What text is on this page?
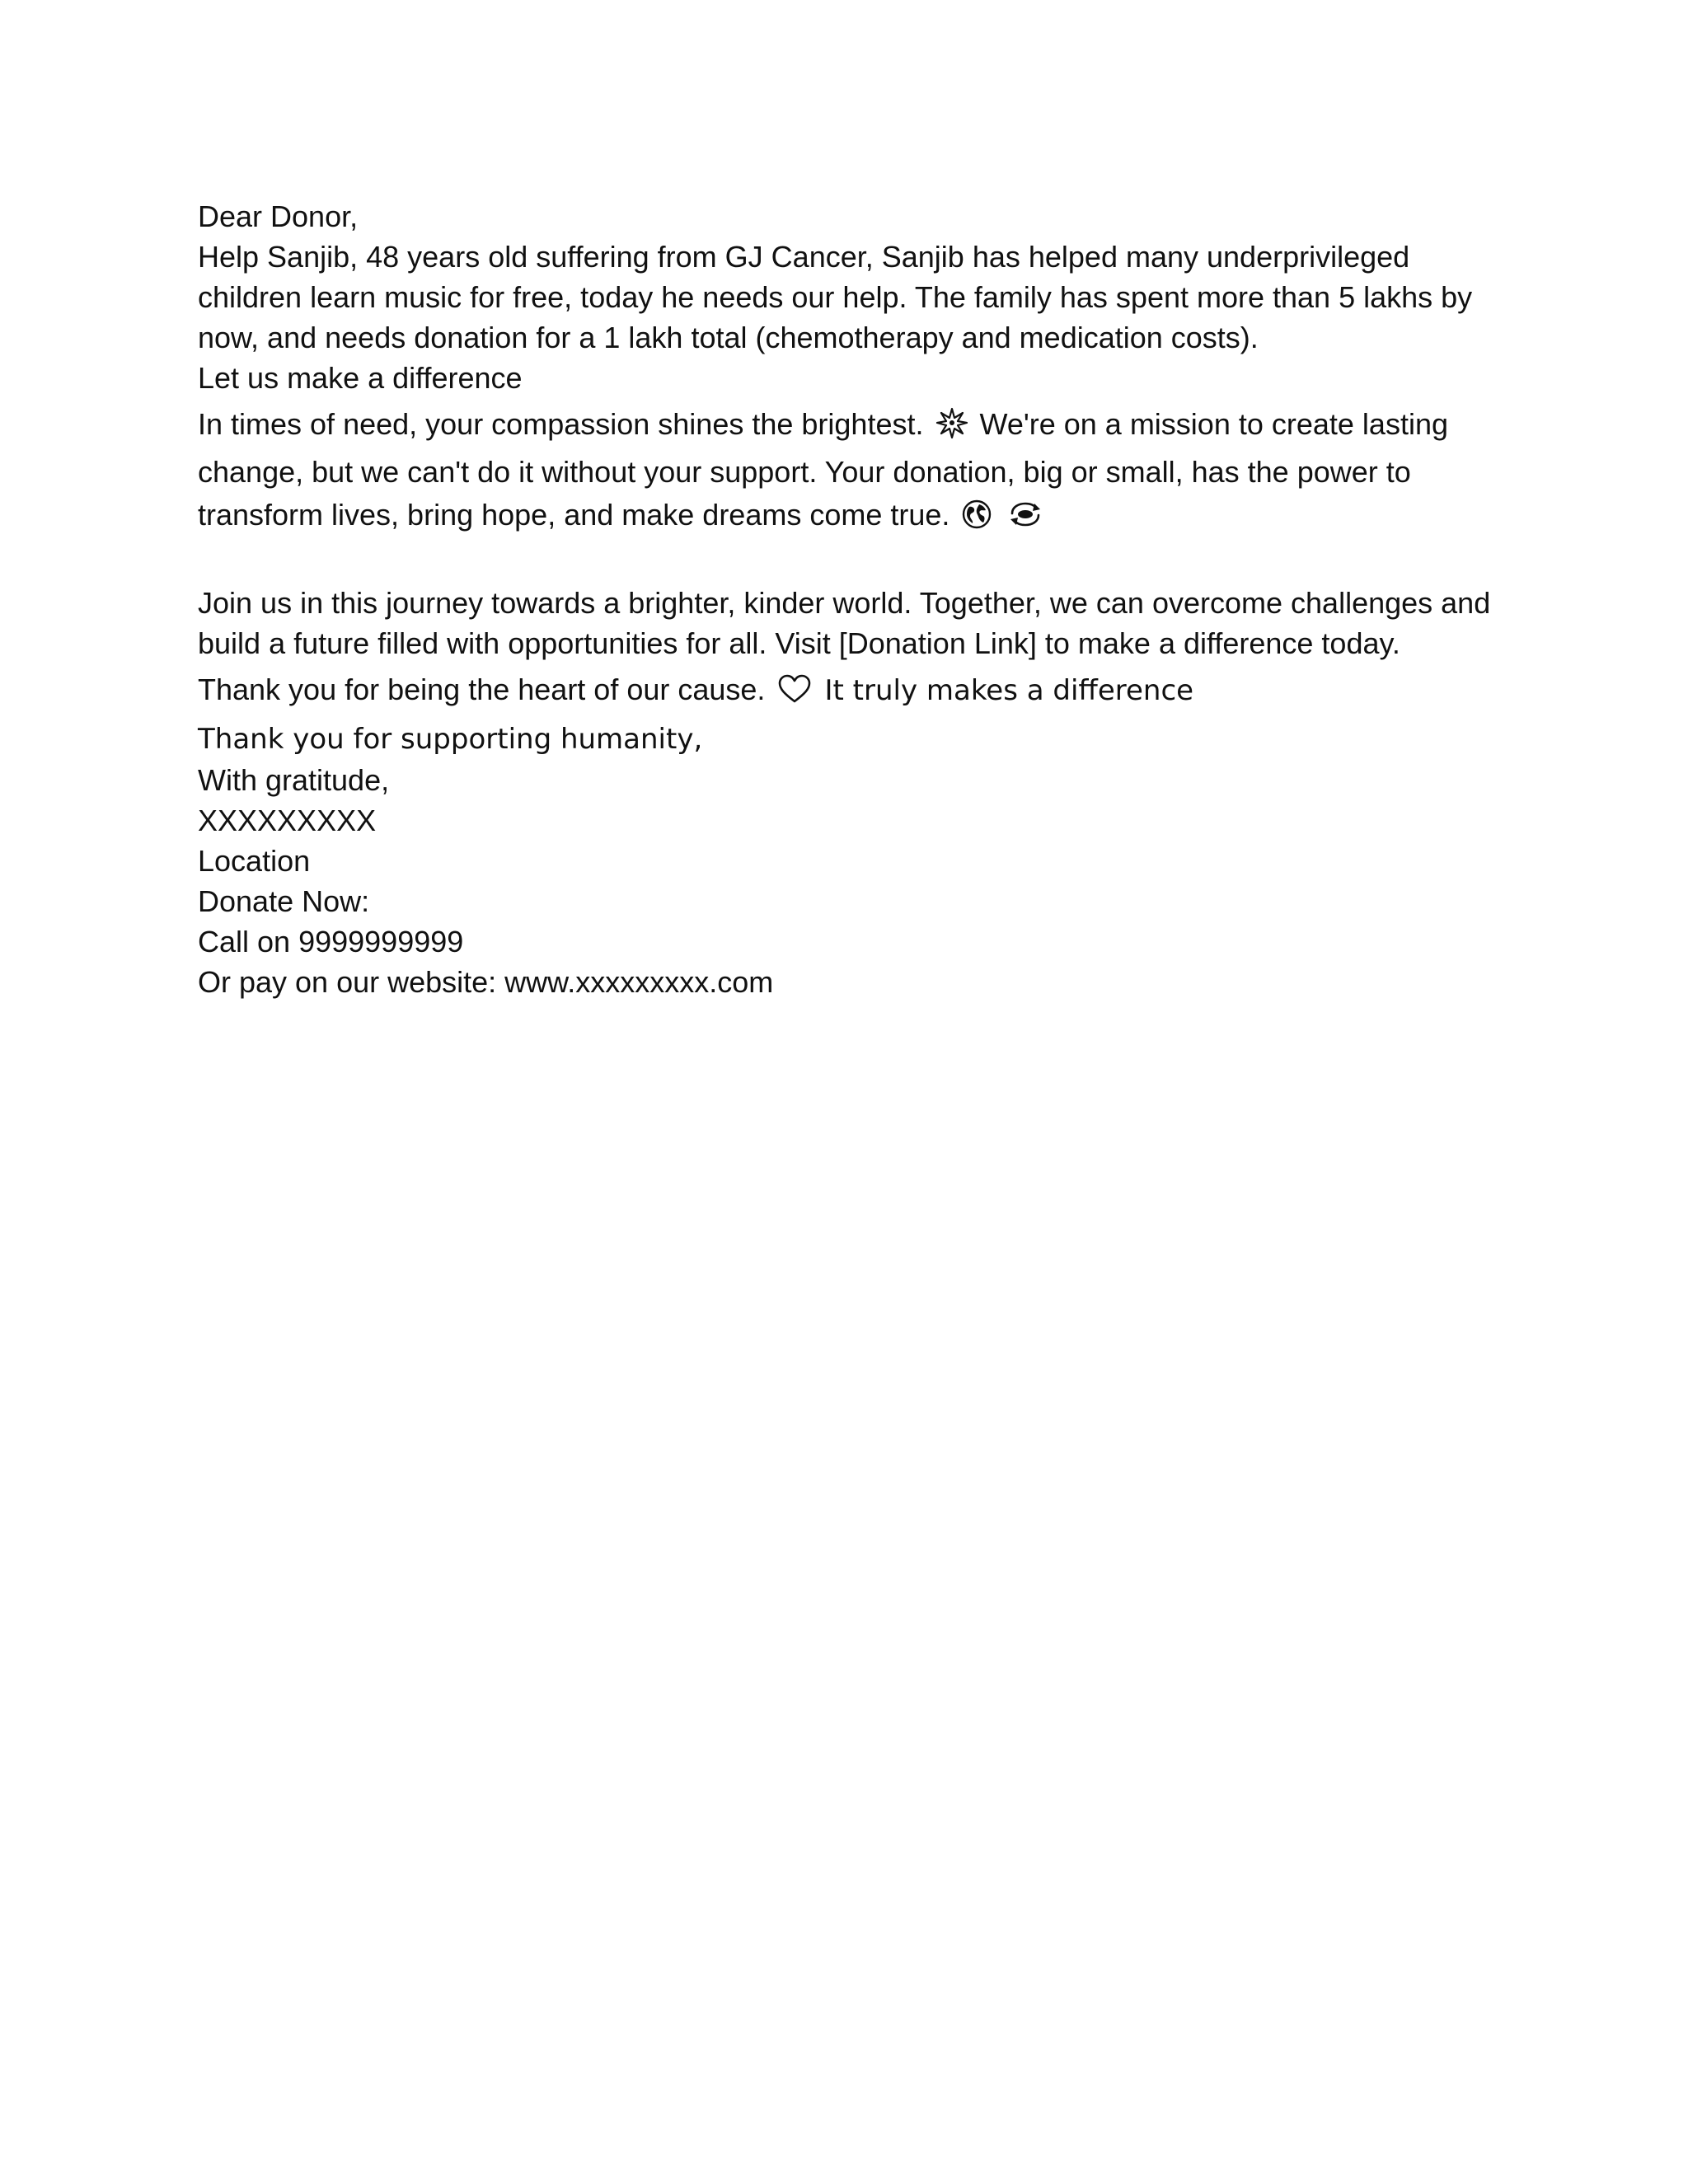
Dear Donor,
Help Sanjib, 48 years old suffering from GJ Cancer, Sanjib has helped many underprivileged children learn music for free, today he needs our help. The family has spent more than 5 lakhs by now, and needs donation for a 1 lakh total (chemotherapy and medication costs).
Let us make a difference
In times of need, your compassion shines the brightest. We're on a mission to create lasting change, but we can't do it without your support. Your donation, big or small, has the power to transform lives, bring hope, and make dreams come true.
Join us in this journey towards a brighter, kinder world. Together, we can overcome challenges and build a future filled with opportunities for all. Visit [Donation Link] to make a difference today.
Thank you for being the heart of our cause. It truly makes a difference
Thank you for supporting humanity,
With gratitude,
XXXXXXXXX
Location
Donate Now:
Call on 9999999999
Or pay on our website: www.xxxxxxxxx.com
